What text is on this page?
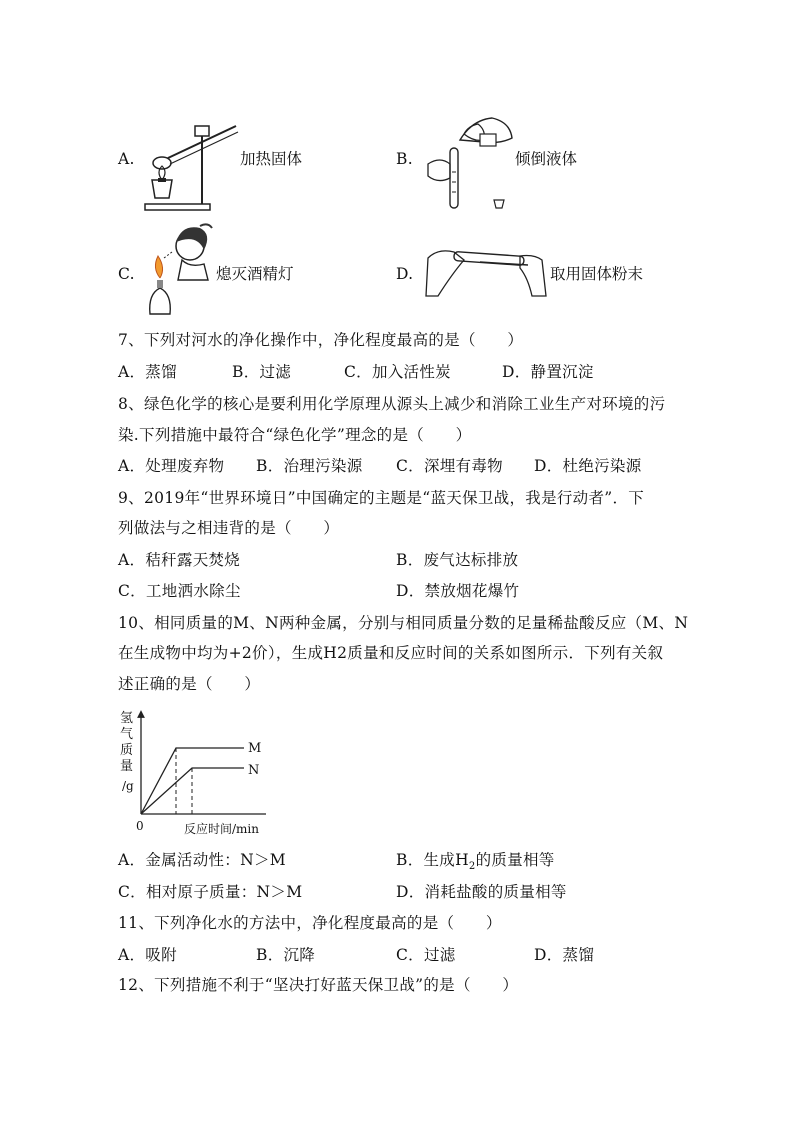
A.	加热固体	B.	倾倒液体
C.	熄灭酒精灯	D.	取用固体粉末
7、下列对河水的净化操作中，净化程度最高的是（　　）
A．蒸馏	B．过滤	C．加入活性炭	D．静置沉淀
8、绿色化学的核心是要利用化学原理从源头上减少和消除工业生产对环境的污
染.下列措施中最符合“绿色化学”理念的是（　　）
A．处理废弃物 B．治理污染源 C．深埋有毒物 D．杜绝污染源
9、2019年“世界环境日”中国确定的主题是“蓝天保卫战，我是行动者”．下
列做法与之相违背的是（　　）
A．秸秆露天焚烧	B．废气达标排放
C．工地洒水除尘	D．禁放烟花爆竹
10、相同质量的M、N两种金属，分别与相同质量分数的足量稀盐酸反应（M、N
在生成物中均为+2价），生成H2质量和反应时间的关系如图所示．下列有关叙
述正确的是（　　）
氢
气
质
量
/g
0	反应时间/min
M
N
A．金属活动性：N＞M	B．生成$H_2$的质量相等
C．相对原子质量：N＞M	D．消耗盐酸的质量相等
11、下列净化水的方法中，净化程度最高的是（　　）
A．吸附	B．沉降	C．过滤	D．蒸馏
12、下列措施不利于“坚决打好蓝天保卫战”的是（　　）
